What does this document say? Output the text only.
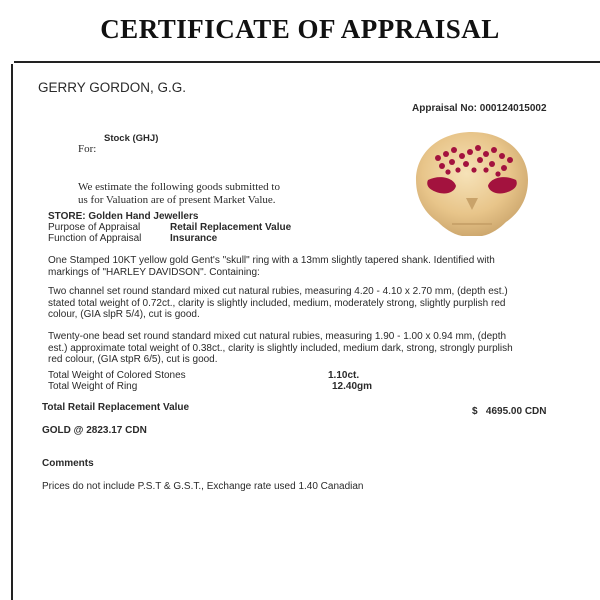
CERTIFICATE OF APPRAISAL
GERRY GORDON, G.G.
Appraisal No: 000124015002
Stock (GHJ)
For:
We estimate the following goods submitted to
us for Valuation are of present Market Value.
STORE: Golden Hand Jewellers
Purpose of Appraisal	Retail Replacement Value
Function of Appraisal	Insurance
One Stamped 10KT yellow gold Gent's "skull" ring with a 13mm slightly tapered shank. Identified with
markings of "HARLEY DAVIDSON". Containing:
Two channel set round standard mixed cut natural rubies, measuring 4.20 - 4.10 x 2.70 mm, (depth est.)
stated total weight of 0.72ct., clarity is slightly included, medium, moderately strong, slightly purplish red
colour, (GIA slpR 5/4), cut is good.
Twenty-one bead set round standard mixed cut natural rubies, measuring 1.90 - 1.00 x 0.94 mm, (depth
est.) approximate total weight of 0.38ct., clarity is slightly included, medium dark, strong, strongly purplish
red colour, (GIA stpR 6/5), cut is good.
Total Weight of Colored Stones	1.10ct.
Total Weight of Ring	12.40gm
Total Retail Replacement Value	$   4695.00 CDN
GOLD @ 2823.17 CDN
Comments
Prices do not include P.S.T & G.S.T., Exchange rate used 1.40 Canadian
